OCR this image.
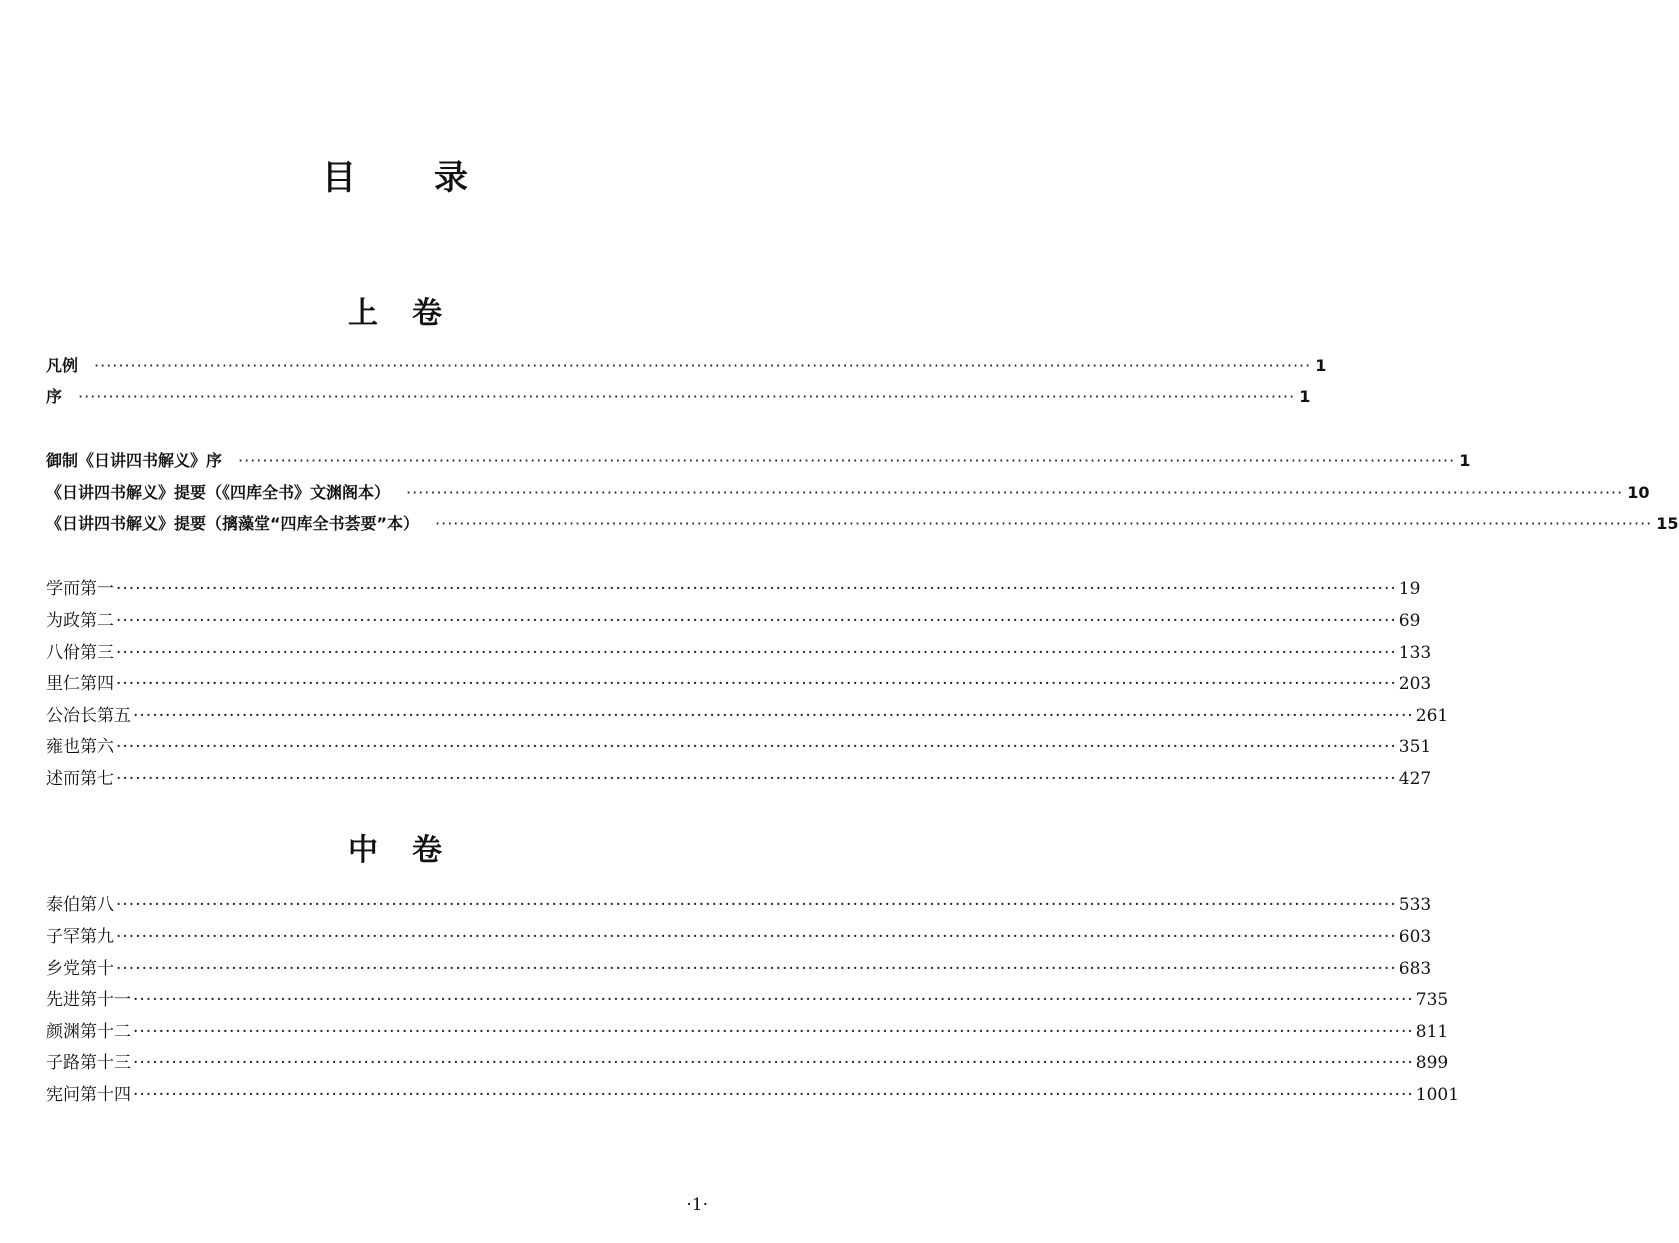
目 录
上 卷
凡例 ········································································································································································································ 1
序 ········································································································································································································ 1
御制《日讲四书解义》序 ········································································································································································································ 1
《日讲四书解义》提要（《四库全书》文渊阁本） ········································································································································································································ 10
《日讲四书解义》提要（摛藻堂“四库全书荟要”本） ········································································································································································································ 15
学而第一 ········································································································································································································ 19
为政第二 ········································································································································································································ 69
八佾第三 ········································································································································································································ 133
里仁第四 ········································································································································································································ 203
公冶长第五 ········································································································································································································ 261
雍也第六 ········································································································································································································ 351
述而第七 ········································································································································································································ 427
中 卷
泰伯第八 ········································································································································································································ 533
子罕第九 ········································································································································································································ 603
乡党第十 ········································································································································································································ 683
先进第十一 ········································································································································································································ 735
颜渊第十二 ········································································································································································································ 811
子路第十三 ········································································································································································································ 899
宪问第十四 ········································································································································································································ 1001
·1·
